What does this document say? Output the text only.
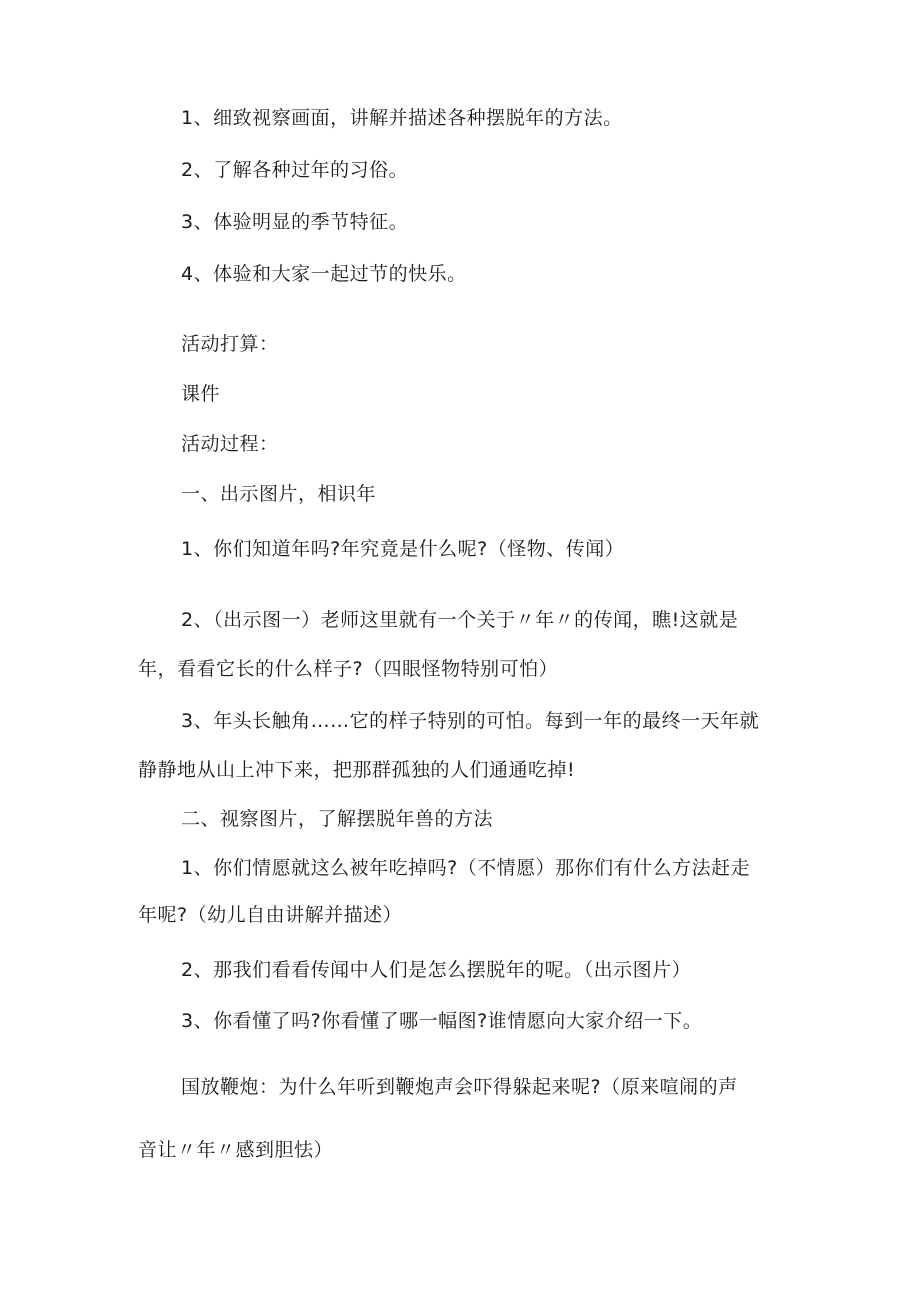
1、细致视察画面，讲解并描述各种摆脱年的方法。
2、了解各种过年的习俗。
3、体验明显的季节特征。
4、体验和大家一起过节的快乐。
活动打算：
课件
活动过程：
一、出示图片，相识年
1、你们知道年吗?年究竟是什么呢?（怪物、传闻）
2、（出示图一）老师这里就有一个关于〃年〃的传闻，瞧!这就是
年，看看它长的什么样子?（四眼怪物特别可怕）
3、年头长触角……它的样子特别的可怕。每到一年的最终一天年就
静静地从山上冲下来，把那群孤独的人们通通吃掉!
二、视察图片，了解摆脱年兽的方法
1、你们情愿就这么被年吃掉吗?（不情愿）那你们有什么方法赶走
年呢?（幼儿自由讲解并描述）
2、那我们看看传闻中人们是怎么摆脱年的呢。（出示图片）
3、你看懂了吗?你看懂了哪一幅图?谁情愿向大家介绍一下。
国放鞭炮：为什么年听到鞭炮声会吓得躲起来呢?（原来喧闹的声
音让〃年〃感到胆怯）
